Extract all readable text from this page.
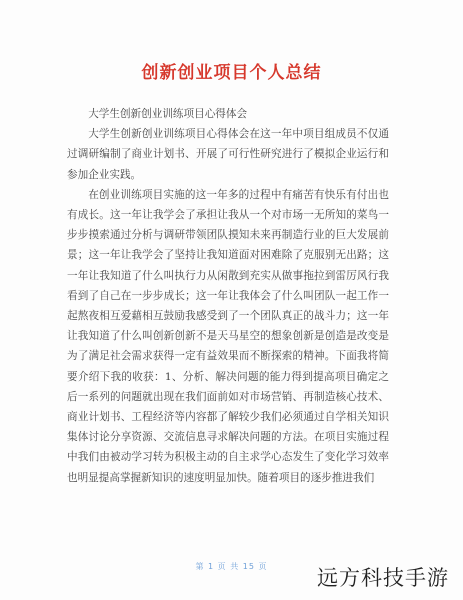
创新创业项目个人总结

大学生创新创业训练项目心得体会

大学生创新创业训练项目心得体会在这一年中项目组成员不仅通过调研编制了商业计划书、开展了可行性研究进行了模拟企业运行和参加企业实践。

在创业训练项目实施的这一年多的过程中有痛苦有快乐有付出也有成长。这一年让我学会了承担让我从一个对市场一无所知的菜鸟一步步摸索通过分析与调研带领团队摸知未来再制造行业的巨大发展前景；这一年让我学会了坚持让我知道面对困难除了克服别无出路；这一年让我知道了什么叫执行力从闲散到充实从做事拖拉到雷厉风行我看到了自己在一步步成长；这一年让我体会了什么叫团队一起工作一起熬夜相互爱藉相互鼓励我感受到了一个团队真正的战斗力；这一年让我知道了什么叫创新创新不是天马星空的想象创新是创造是改变是为了满足社会需求获得一定有益效果而不断探索的精神。下面我将简要介绍下我的收获：1、分析、解决问题的能力得到提高项目确定之后一系列的问题就出现在我们面前如对市场营销、再制造核心技术、商业计划书、工程经济等内容都了解较少我们必须通过自学相关知识集体讨论分享资源、交流信息寻求解决问题的方法。在项目实施过程中我们由被动学习转为积极主动的自主求学心态发生了变化学习效率也明显提高掌握新知识的速度明显加快。随着项目的逐步推进我们

第 1 页 共 15 页	远方科技手游
